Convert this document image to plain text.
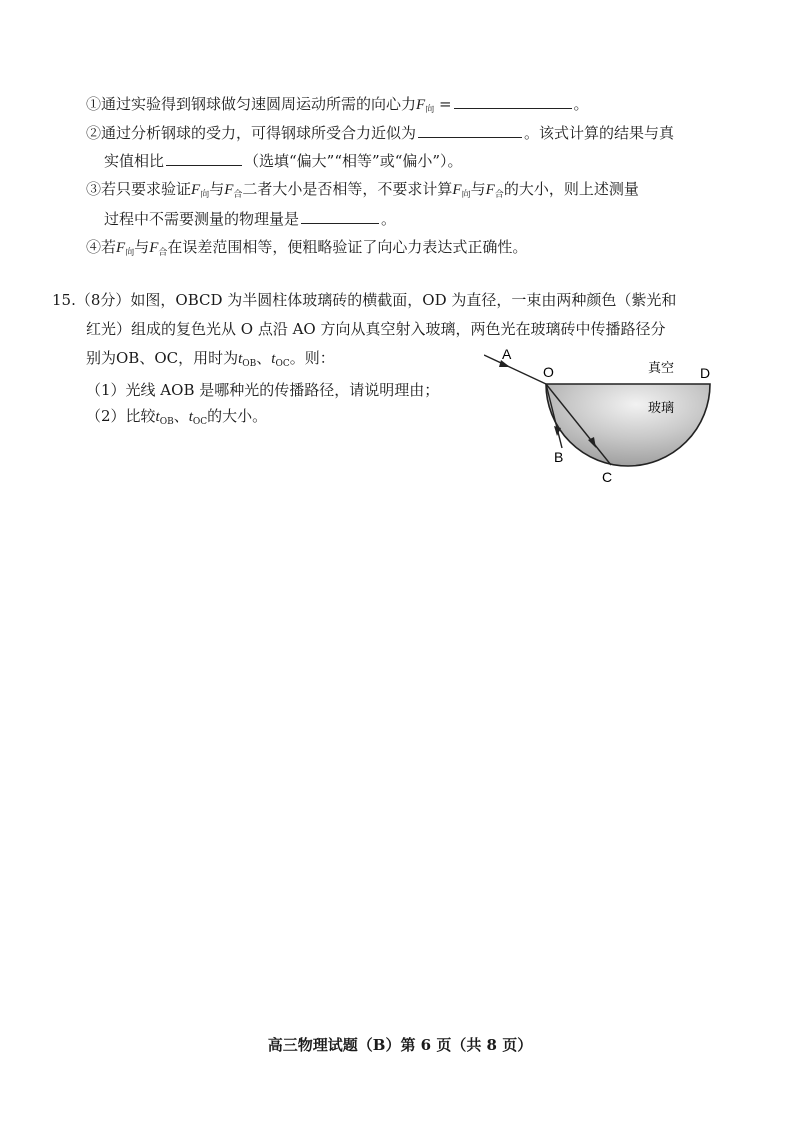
①通过实验得到钢球做匀速圆周运动所需的向心力$F_向$ =	。
②通过分析钢球的受力，可得钢球所受合力近似为	。该式计算的结果与真
实值相比	（选填“偏大”“相等”或“偏小”）。
③若只要求验证$F_向$与$F_合$二者大小是否相等，不要求计算$F_向$与$F_合$的大小，则上述测量
过程中不需要测量的物理量是	。
④若$F_向$与$F_合$在误差范围相等，便粗略验证了向心力表达式正确性。
15.（8分）如图，OBCD 为半圆柱体玻璃砖的横截面，OD 为直径，一束由两种颜色（紫光和
红光）组成的复色光从 O 点沿 AO 方向从真空射入玻璃，两色光在玻璃砖中传播路径分
别为OB、OC，用时为$t_{OB}$、$t_{OC}$。则：
（1）光线 AOB 是哪种光的传播路径，请说明理由；
（2）比较$t_{OB}$、$t_{OC}$的大小。
A
O	D
B
C
真空
玻璃
高三物理试题（B）第 6 页（共 8 页）
